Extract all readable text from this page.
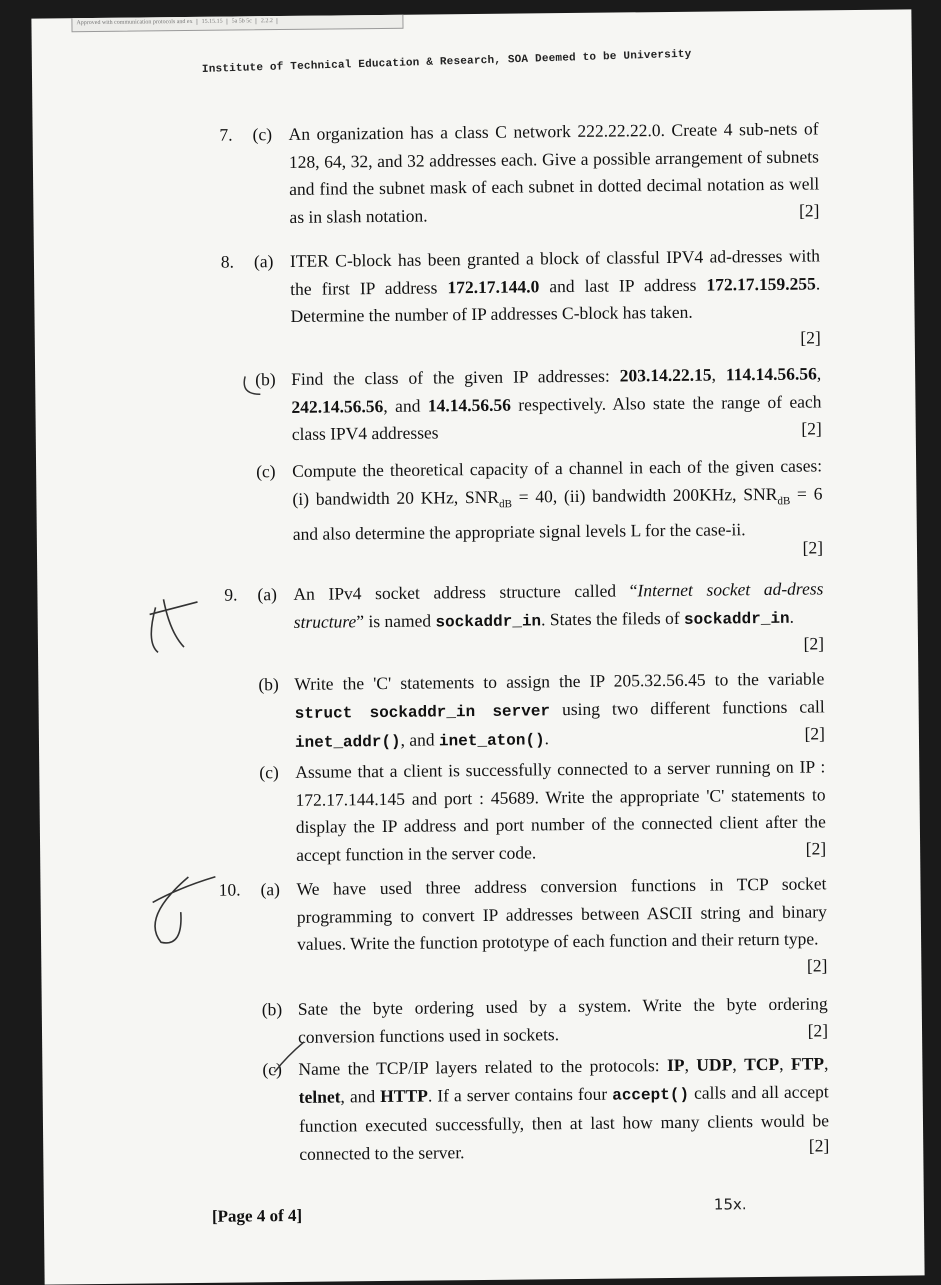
Approved with communication protocols and ex	15.15.15	5a 5b 5c	2.2.2
Institute of Technical Education & Research, SOA Deemed to be University
7. (c) An organization has a class C network 222.22.22.0. Create 4 sub-nets of 128, 64, 32, and 32 addresses each. Give a possible arrangement of subnets and find the subnet mask of each subnet in dotted decimal notation as well as in slash notation.	[2]
8. (a) ITER C-block has been granted a block of classful IPV4 ad-dresses with the first IP address 172.17.144.0 and last IP address 172.17.159.255. Determine the number of IP addresses C-block has taken.
[2]
(b) Find the class of the given IP addresses: 203.14.22.15, 114.14.56.56, 242.14.56.56, and 14.14.56.56 respectively. Also state the range of each class IPV4 addresses	[2]
(c) Compute the theoretical capacity of a channel in each of the given cases: (i) bandwidth 20 KHz, $SNR_{dB} = 40$, (ii) bandwidth 200KHz, $SNR_{dB} = 6$ and also determine the appropriate signal levels L for the case-ii.
[2]
9. (a) An IPv4 socket address structure called “Internet socket ad-dress structure” is named sockaddr_in. States the fileds of sockaddr_in.
[2]
(b) Write the 'C' statements to assign the IP 205.32.56.45 to the variable struct sockaddr_in server using two different functions call inet_addr(), and inet_aton().	[2]
(c) Assume that a client is successfully connected to a server running on IP : 172.17.144.145 and port : 45689. Write the appropriate 'C' statements to display the IP address and port number of the connected client after the accept function in the server code.	[2]
10. (a) We have used three address conversion functions in TCP socket programming to convert IP addresses between ASCII string and binary values. Write the function prototype of each function and their return type.
[2]
(b) Sate the byte ordering used by a system. Write the byte ordering conversion functions used in sockets.	[2]
(c) Name the TCP/IP layers related to the protocols: IP, UDP, TCP, FTP, telnet, and HTTP. If a server contains four accept() calls and all accept function executed successfully, then at last how many clients would be connected to the server.	[2]
[Page 4 of 4]
15x.
